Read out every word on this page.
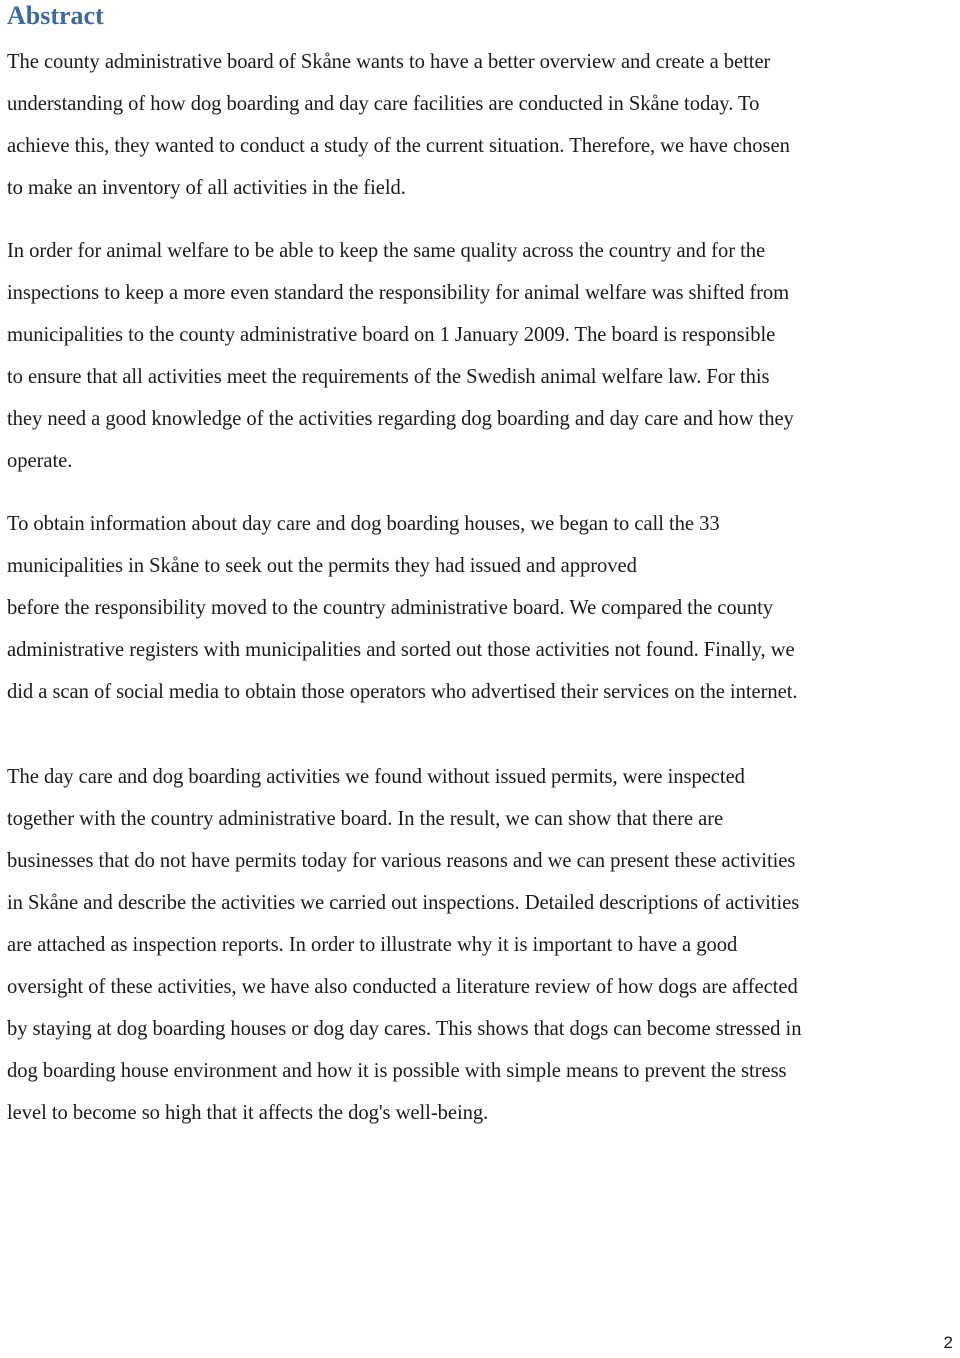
Abstract

The county administrative board of Skåne wants to have a better overview and create a better
understanding of how dog boarding and day care facilities are conducted in Skåne today. To
achieve this, they wanted to conduct a study of the current situation. Therefore, we have chosen
to make an inventory of all activities in the field.

In order for animal welfare to be able to keep the same quality across the country and for the
inspections to keep a more even standard the responsibility for animal welfare was shifted from
municipalities to the county administrative board on 1 January 2009. The board is responsible
to ensure that all activities meet the requirements of the Swedish animal welfare law. For this
they need a good knowledge of the activities regarding dog boarding and day care and how they
operate.

To obtain information about day care and dog boarding houses, we began to call the 33
municipalities in Skåne to seek out the permits they had issued and approved
before the responsibility moved to the country administrative board. We compared the county
administrative registers with municipalities and sorted out those activities not found. Finally, we
did a scan of social media to obtain those operators who advertised their services on the internet.

The day care and dog boarding activities we found without issued permits, were inspected
together with the country administrative board. In the result, we can show that there are
businesses that do not have permits today for various reasons and we can present these activities
in Skåne and describe the activities we carried out inspections. Detailed descriptions of activities
are attached as inspection reports. In order to illustrate why it is important to have a good
oversight of these activities, we have also conducted a literature review of how dogs are affected
by staying at dog boarding houses or dog day cares. This shows that dogs can become stressed in
dog boarding house environment and how it is possible with simple means to prevent the stress
level to become so high that it affects the dog's well-being.

2
